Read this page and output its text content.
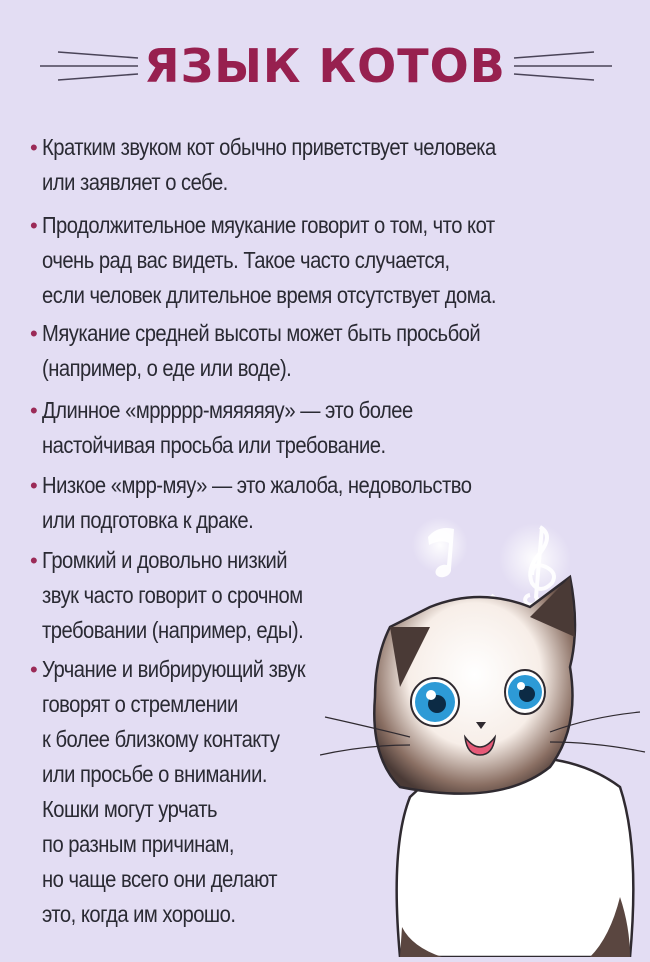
ЯЗЫК КОТОВ
• Кратким звуком кот обычно приветствует человека
или заявляет о себе.
• Продолжительное мяукание говорит о том, что кот
очень рад вас видеть. Такое часто случается,
если человек длительное время отсутствует дома.
• Мяукание средней высоты может быть просьбой
(например, о еде или воде).
• Длинное «мррррр-мяяяяяу» — это более
настойчивая просьба или требование.
• Низкое «мрр-мяу» — это жалоба, недовольство
или подготовка к драке.
• Громкий и довольно низкий
звук часто говорит о срочном
требовании (например, еды).
• Урчание и вибрирующий звук
говорят о стремлении
к более близкому контакту
или просьбе о внимании.
Кошки могут урчать
по разным причинам,
но чаще всего они делают
это, когда им хорошо.
